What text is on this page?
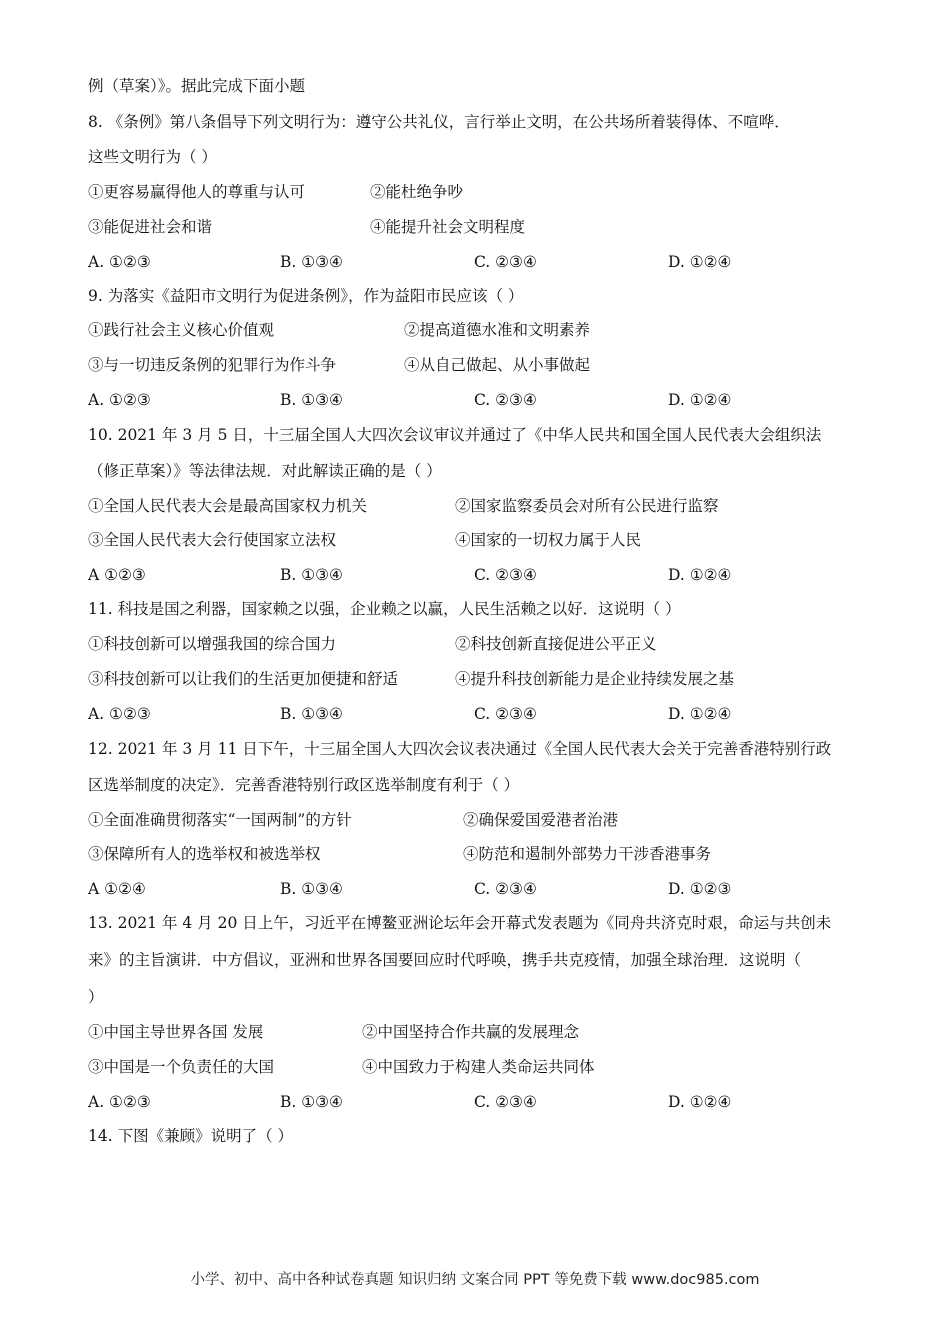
例（草案）》。据此完成下面小题
8. 《条例》第八条倡导下列文明行为：遵守公共礼仪，言行举止文明，在公共场所着装得体、不喧哗．
这些文明行为（ ）
①更容易赢得他人的尊重与认可	②能杜绝争吵
③能促进社会和谐	④能提升社会文明程度
A. ①②③	B. ①③④	C. ②③④	D. ①②④
9. 为落实《益阳市文明行为促进条例》，作为益阳市民应该（ ）
①践行社会主义核心价值观	②提高道德水准和文明素养
③与一切违反条例的犯罪行为作斗争	④从自己做起、从小事做起
A. ①②③	B. ①③④	C. ②③④	D. ①②④
10. 2021 年 3 月 5 日，十三届全国人大四次会议审议并通过了《中华人民共和国全国人民代表大会组织法
（修正草案）》等法律法规．对此解读正确的是（ ）
①全国人民代表大会是最高国家权力机关	②国家监察委员会对所有公民进行监察
③全国人民代表大会行使国家立法权	④国家的一切权力属于人民
A ①②③	B. ①③④	C. ②③④	D. ①②④
11. 科技是国之利器，国家赖之以强，企业赖之以赢，人民生活赖之以好．这说明（ ）
①科技创新可以增强我国的综合国力	②科技创新直接促进公平正义
③科技创新可以让我们的生活更加便捷和舒适	④提升科技创新能力是企业持续发展之基
A. ①②③	B. ①③④	C. ②③④	D. ①②④
12. 2021 年 3 月 11 日下午，十三届全国人大四次会议表决通过《全国人民代表大会关于完善香港特别行政
区选举制度的决定》．完善香港特别行政区选举制度有利于（ ）
①全面准确贯彻落实“一国两制”的方针	②确保爱国爱港者治港
③保障所有人的选举权和被选举权	④防范和遏制外部势力干涉香港事务
A ①②④	B. ①③④	C. ②③④	D. ①②③
13. 2021 年 4 月 20 日上午，习近平在博鳌亚洲论坛年会开幕式发表题为《同舟共济克时艰，命运与共创未
来》的主旨演讲．中方倡议，亚洲和世界各国要回应时代呼唤，携手共克疫情，加强全球治理．这说明（
）
①中国主导世界各国 发展	②中国坚持合作共赢的发展理念
③中国是一个负责任的大国	④中国致力于构建人类命运共同体
A. ①②③	B. ①③④	C. ②③④	D. ①②④
14. 下图《兼顾》说明了（ ）
小学、初中、高中各种试卷真题 知识归纳 文案合同 PPT 等免费下载 www.doc985.com
